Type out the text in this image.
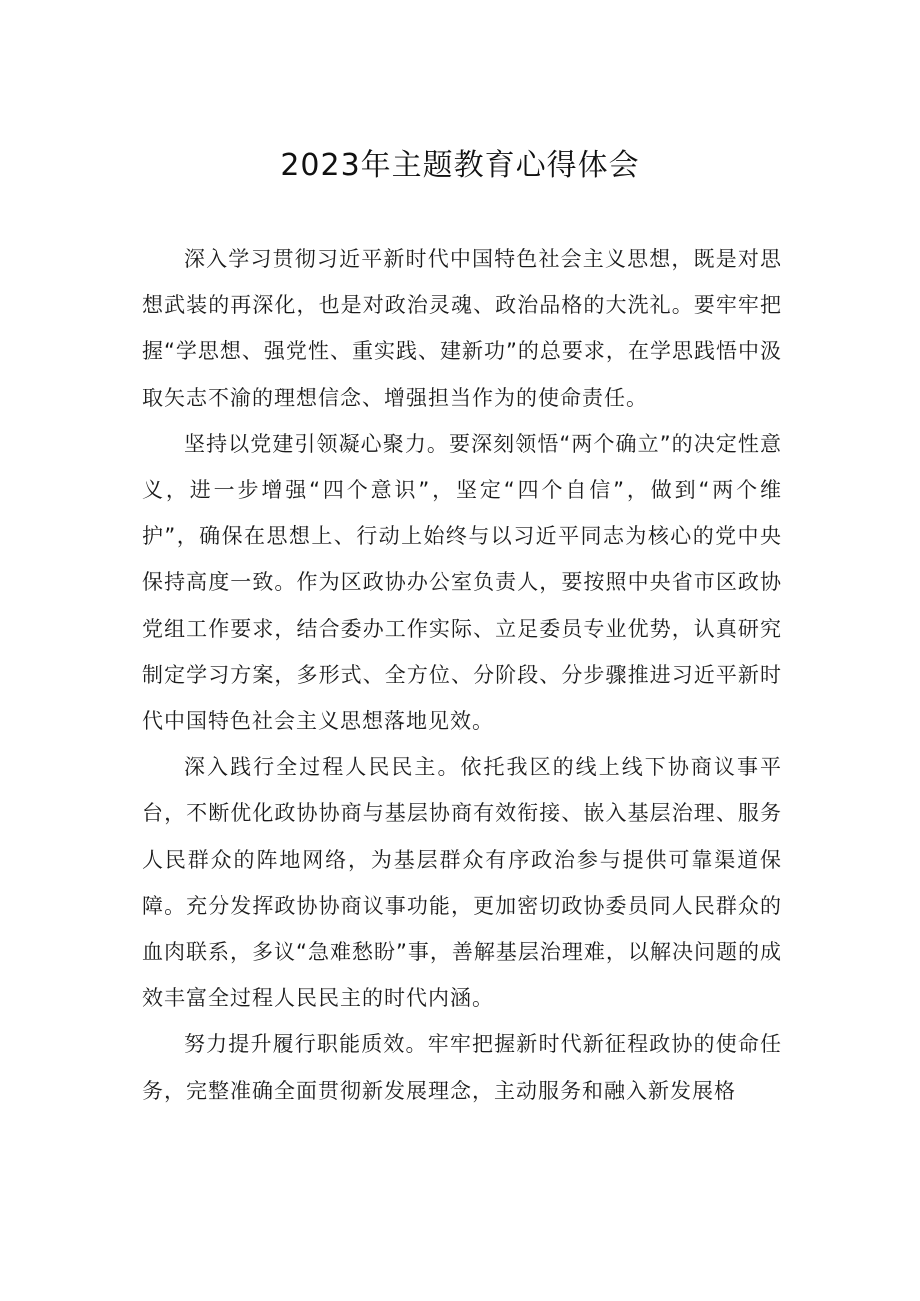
2023年主题教育心得体会

深入学习贯彻习近平新时代中国特色社会主义思想，既是对思想武装的再深化，也是对政治灵魂、政治品格的大洗礼。要牢牢把握“学思想、强党性、重实践、建新功”的总要求，在学思践悟中汲取矢志不渝的理想信念、增强担当作为的使命责任。

坚持以党建引领凝心聚力。要深刻领悟“两个确立”的决定性意义，进一步增强“四个意识”，坚定“四个自信”，做到“两个维护”，确保在思想上、行动上始终与以习近平同志为核心的党中央保持高度一致。作为区政协办公室负责人，要按照中央省市区政协党组工作要求，结合委办工作实际、立足委员专业优势，认真研究制定学习方案，多形式、全方位、分阶段、分步骤推进习近平新时代中国特色社会主义思想落地见效。

深入践行全过程人民民主。依托我区的线上线下协商议事平台，不断优化政协协商与基层协商有效衔接、嵌入基层治理、服务人民群众的阵地网络，为基层群众有序政治参与提供可靠渠道保障。充分发挥政协协商议事功能，更加密切政协委员同人民群众的血肉联系，多议“急难愁盼”事，善解基层治理难，以解决问题的成效丰富全过程人民民主的时代内涵。

努力提升履行职能质效。牢牢把握新时代新征程政协的使命任务，完整准确全面贯彻新发展理念，主动服务和融入新发展格
